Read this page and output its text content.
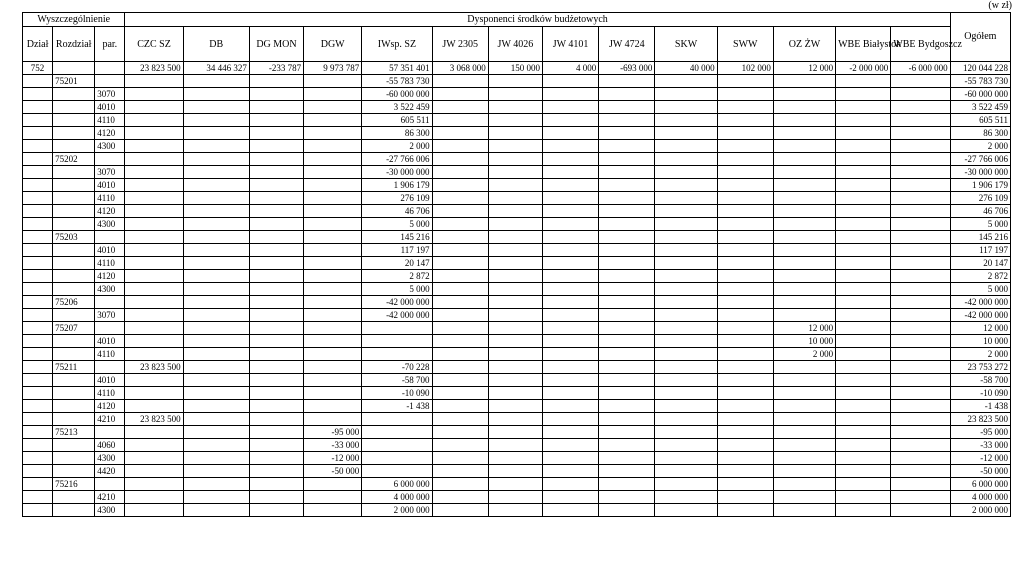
(w zł)
Wyszczególnienie			Dysponenci środków budżetowych														Ogółem
Dział	Rozdział	par.	CZC SZ	DB	DG MON	DGW	IWsp. SZ	JW 2305	JW 4026	JW 4101	JW 4724	SKW	SWW	OZ ŻW	WBE Białystok	WBE Bydgoszcz	
752			23 823 500	34 446 327	-233 787	9 973 787	57 351 401	3 068 000	150 000	4 000	-693 000	40 000	102 000	12 000	-2 000 000	-6 000 000	120 044 228
	75201						-55 783 730										-55 783 730
		3070					-60 000 000										-60 000 000
		4010					3 522 459										3 522 459
		4110					605 511										605 511
		4120					86 300										86 300
		4300					2 000										2 000
	75202						-27 766 006										-27 766 006
		3070					-30 000 000										-30 000 000
		4010					1 906 179										1 906 179
		4110					276 109										276 109
		4120					46 706										46 706
		4300					5 000										5 000
	75203						145 216										145 216
		4010					117 197										117 197
		4110					20 147										20 147
		4120					2 872										2 872
		4300					5 000										5 000
	75206						-42 000 000										-42 000 000
		3070					-42 000 000										-42 000 000
	75207													12 000			12 000
		4010												10 000			10 000
		4110												2 000			2 000
	75211		23 823 500				-70 228										23 753 272
		4010					-58 700										-58 700
		4110					-10 090										-10 090
		4120					-1 438										-1 438
		4210	23 823 500														23 823 500
	75213					-95 000											-95 000
		4060				-33 000											-33 000
		4300				-12 000											-12 000
		4420				-50 000											-50 000
	75216						6 000 000										6 000 000
		4210					4 000 000										4 000 000
		4300					2 000 000										2 000 000
